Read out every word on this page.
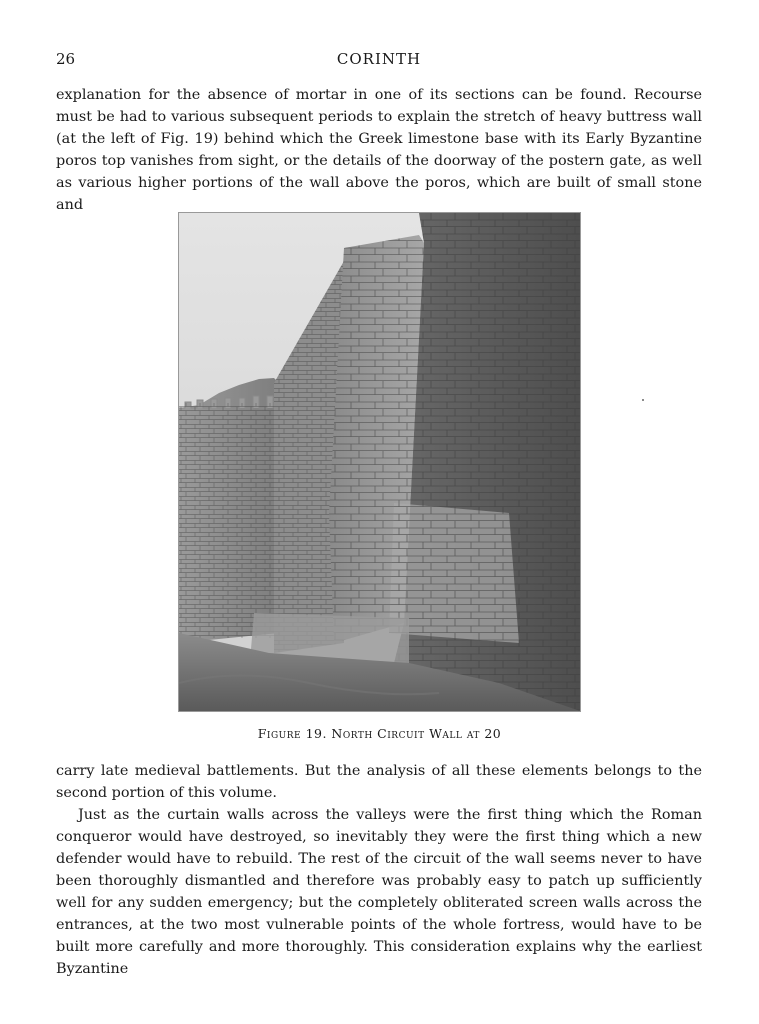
26	CORINTH

explanation for the absence of mortar in one of its sections can be found. Recourse must be had to various subsequent periods to explain the stretch of heavy buttress wall (at the left of Fig. 19) behind which the Greek limestone base with its Early Byzantine poros top vanishes from sight, or the details of the doorway of the postern gate, as well as various higher portions of the wall above the poros, which are built of small stone and

Figure 19. North Circuit Wall at 20

carry late medieval battlements. But the analysis of all these elements belongs to the second portion of this volume.

Just as the curtain walls across the valleys were the first thing which the Roman conqueror would have destroyed, so inevitably they were the first thing which a new defender would have to rebuild. The rest of the circuit of the wall seems never to have been thoroughly dismantled and therefore was probably easy to patch up sufficiently well for any sudden emergency; but the completely obliterated screen walls across the entrances, at the two most vulnerable points of the whole fortress, would have to be built more carefully and more thoroughly. This consideration explains why the earliest Byzantine
